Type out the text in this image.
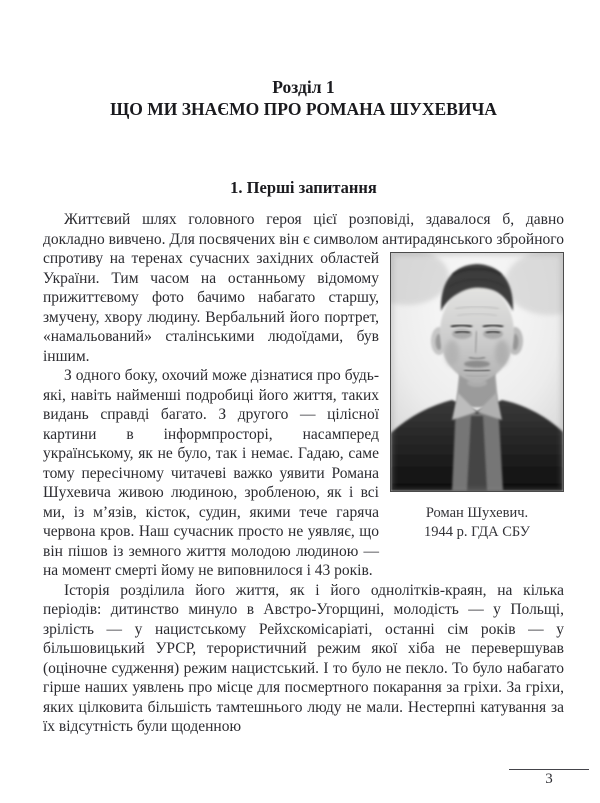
Розділ 1
ЩО МИ ЗНАЄМО ПРО РОМАНА ШУХЕВИЧА
1. Перші запитання

Життєвий шлях головного героя цієї розповіді, здавалося б, давно докладно вивчено. Для посвячених він є символом антирадянського
Роман Шухевич.
1944 р. ГДА СБУ
збройного спротиву на теренах сучасних західних областей України. Тим часом на останньому відомому прижиттєвому фото бачимо набагато старшу, змучену, хвору людину. Вербальний його портрет, «намальований» сталінськими людоїдами, був іншим.

З одного боку, охочий може дізнатися про будь-які, навіть найменші подробиці його життя, таких видань справді багато. З другого — цілісної картини в інформпросторі, насамперед українському, як не було, так і немає. Гадаю, саме тому пересічному читачеві важко уявити Романа Шухевича живою людиною, зробленою, як і всі ми, із м’язів, кісток, судин, якими тече гаряча червона кров. Наш сучасник просто не уявляє, що він пішов із земного життя молодою людиною — на момент смерті йому не виповнилося і 43 років.

Історія розділила його життя, як і його однолітків-краян, на кілька періодів: дитинство минуло в Австро-Угорщині, молодість — у Польщі, зрілість — у нацистському Рейхскомісаріаті, останні сім років — у більшовицький УРСР, терористичний режим якої хіба не перевершував (оціночне судження) режим нацистський. І то було не пекло. То було набагато гірше наших уявлень про місце для посмертного покарання за гріхи. За гріхи, яких цілковита більшість тамтешнього люду не мали. Нестерпні катування за їх відсутність були щоденною

3
